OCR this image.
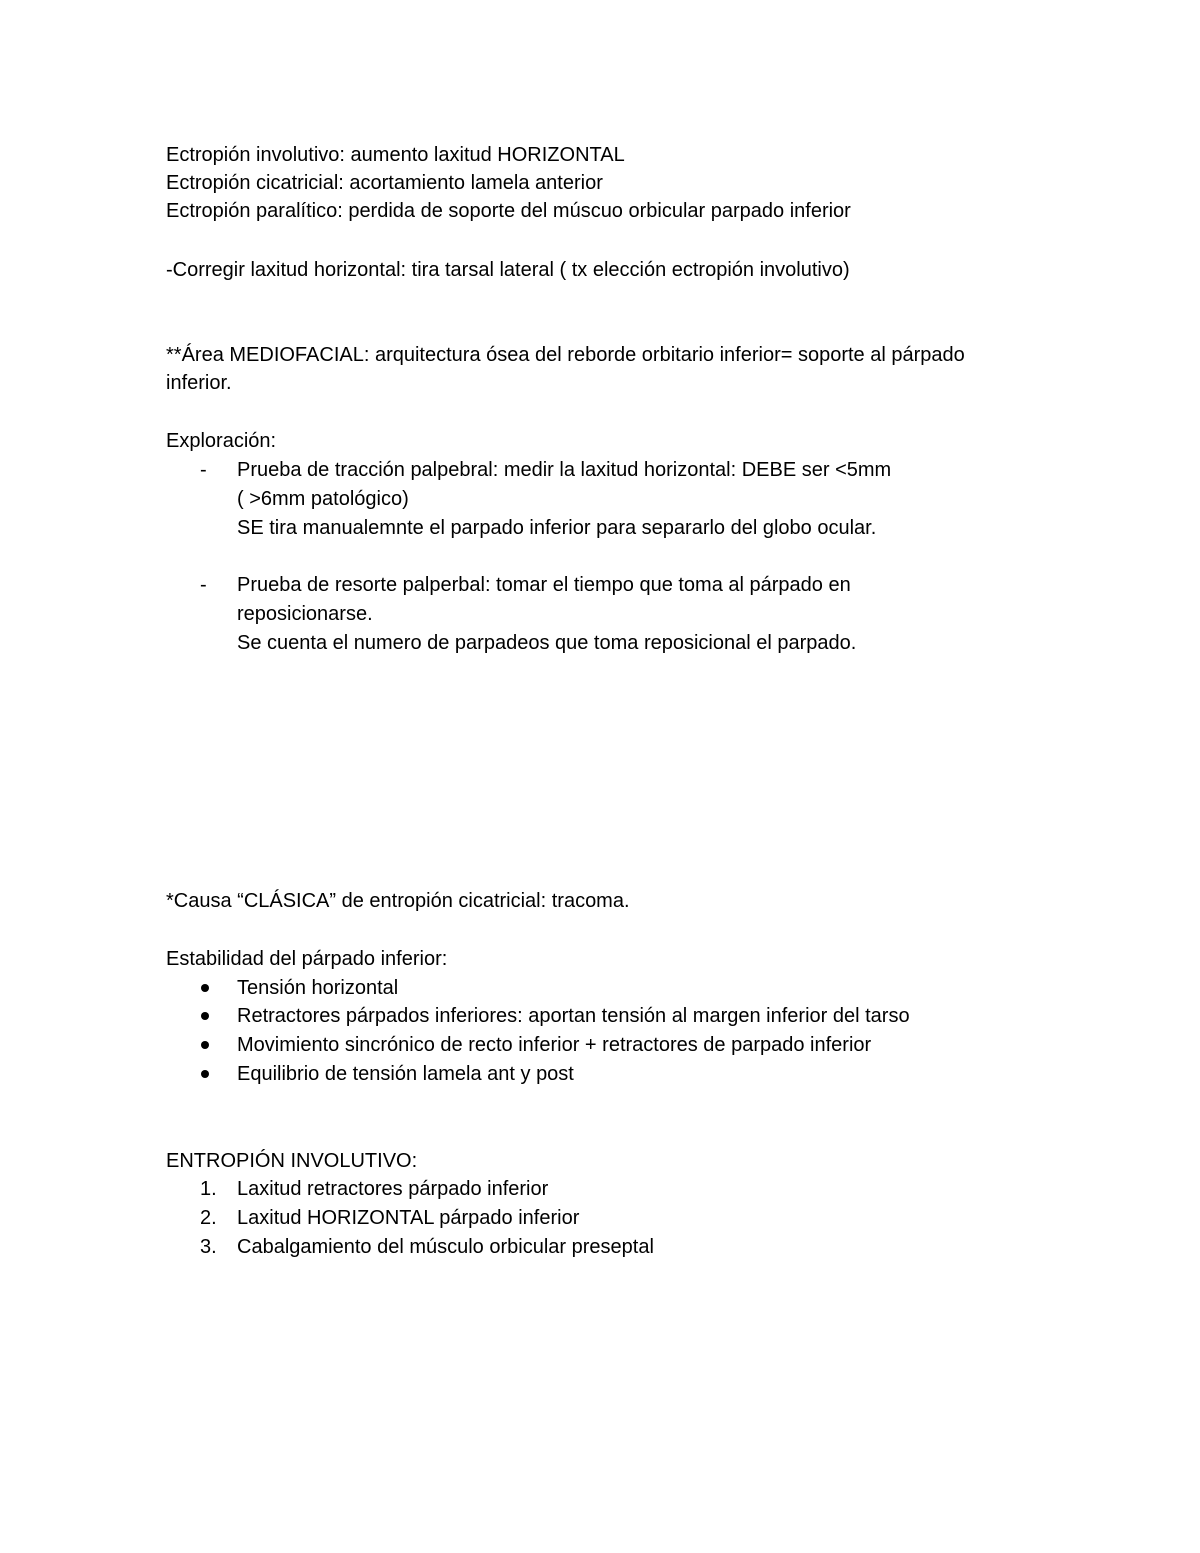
Ectropión involutivo: aumento laxitud HORIZONTAL
Ectropión cicatricial: acortamiento lamela anterior
Ectropión paralítico: perdida de soporte del múscuo orbicular parpado inferior
-Corregir laxitud horizontal: tira tarsal lateral ( tx elección ectropión involutivo)
**Área MEDIOFACIAL: arquitectura ósea del reborde orbitario inferior= soporte al párpado
inferior.
Exploración:
- Prueba de tracción palpebral: medir la laxitud horizontal: DEBE ser <5mm
( >6mm patológico)
SE tira manualemnte el parpado inferior para separarlo del globo ocular.
- Prueba de resorte palperbal: tomar el tiempo que toma al párpado en
reposicionarse.
Se cuenta el numero de parpadeos que toma reposicional el parpado.
*Causa “CLÁSICA” de entropión cicatricial: tracoma.
Estabilidad del párpado inferior:
Tensión horizontal
Retractores párpados inferiores: aportan tensión al margen inferior del tarso
Movimiento sincrónico de recto inferior + retractores de parpado inferior
Equilibrio de tensión lamela ant y post
ENTROPIÓN INVOLUTIVO:
1. Laxitud retractores párpado inferior
2. Laxitud HORIZONTAL párpado inferior
3. Cabalgamiento del músculo orbicular preseptal
